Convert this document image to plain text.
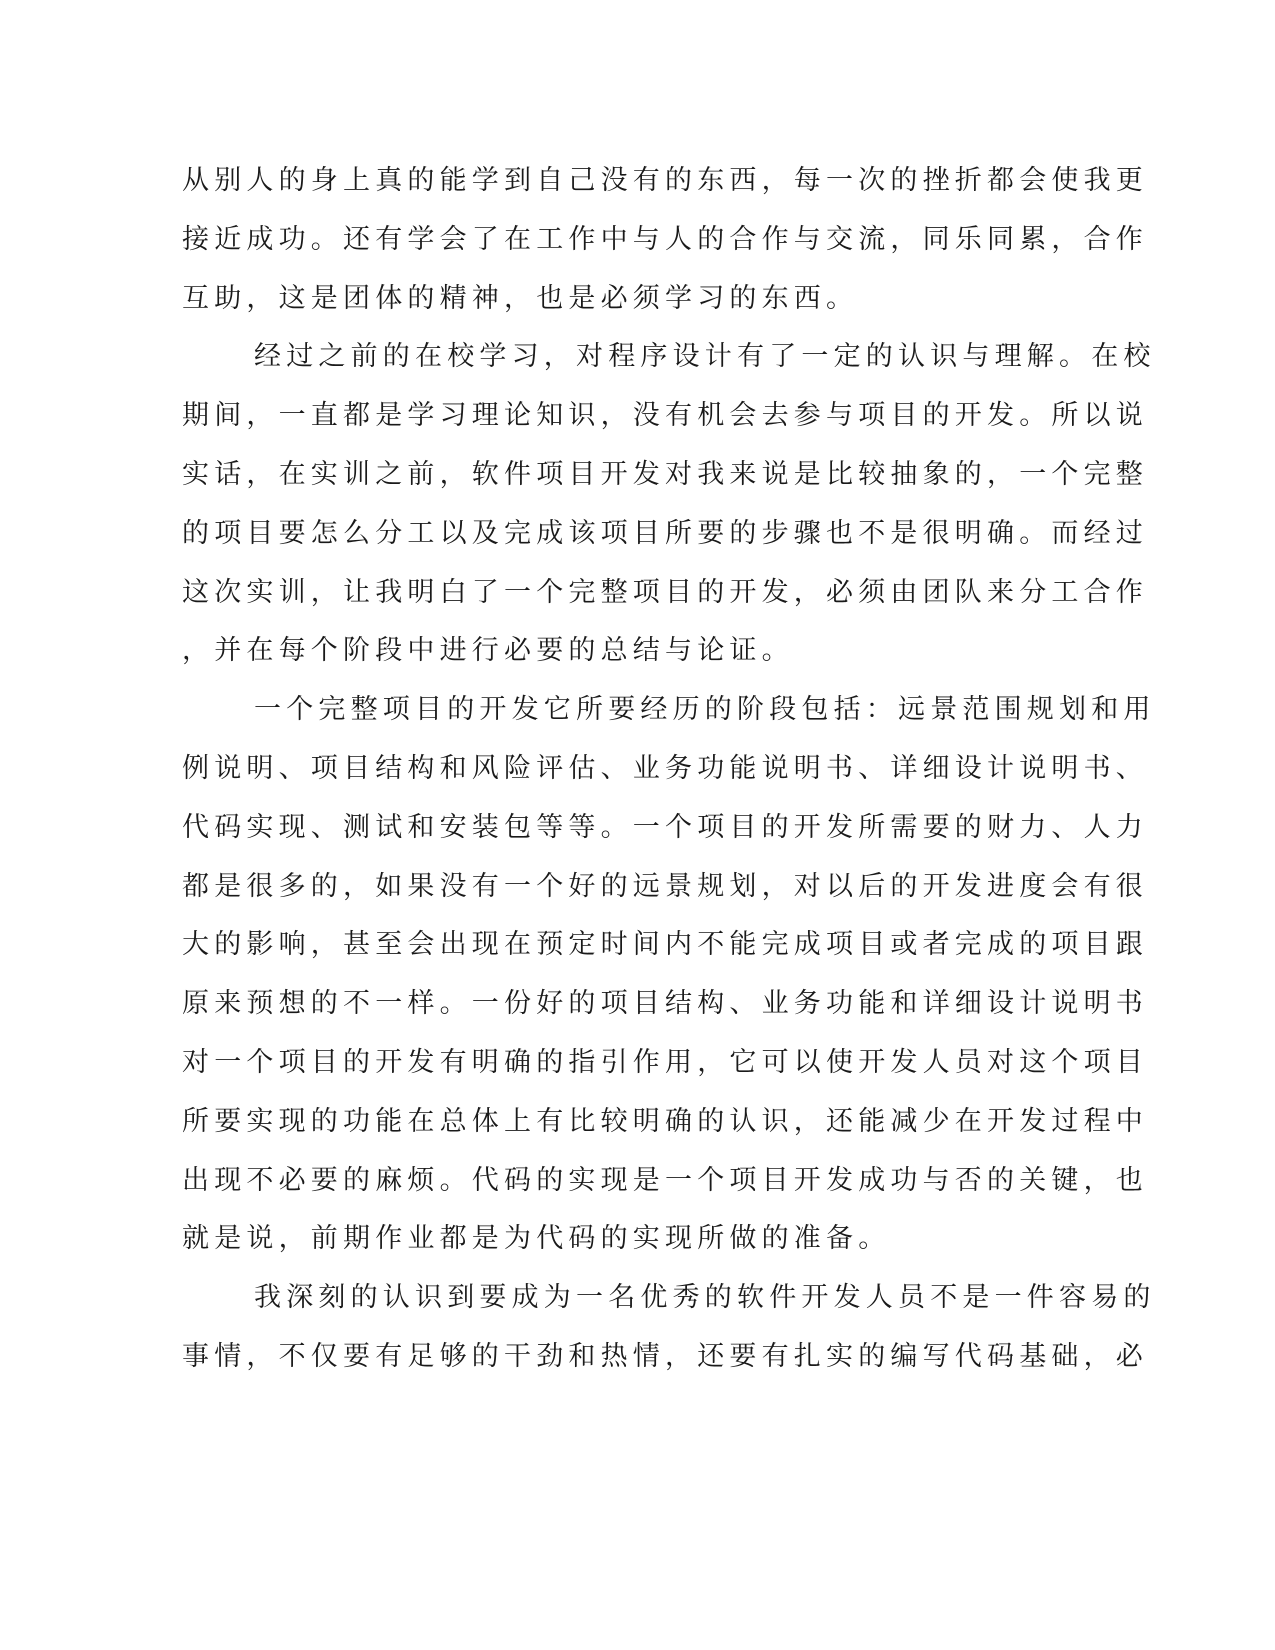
从别人的身上真的能学到自己没有的东西，每一次的挫折都会使我更
接近成功。还有学会了在工作中与人的合作与交流，同乐同累，合作
互助，这是团体的精神，也是必须学习的东西。
经过之前的在校学习，对程序设计有了一定的认识与理解。在校
期间，一直都是学习理论知识，没有机会去参与项目的开发。所以说
实话，在实训之前，软件项目开发对我来说是比较抽象的，一个完整
的项目要怎么分工以及完成该项目所要的步骤也不是很明确。而经过
这次实训，让我明白了一个完整项目的开发，必须由团队来分工合作
，并在每个阶段中进行必要的总结与论证。
一个完整项目的开发它所要经历的阶段包括：远景范围规划和用
例说明、项目结构和风险评估、业务功能说明书、详细设计说明书、
代码实现、测试和安装包等等。一个项目的开发所需要的财力、人力
都是很多的，如果没有一个好的远景规划，对以后的开发进度会有很
大的影响，甚至会出现在预定时间内不能完成项目或者完成的项目跟
原来预想的不一样。一份好的项目结构、业务功能和详细设计说明书
对一个项目的开发有明确的指引作用，它可以使开发人员对这个项目
所要实现的功能在总体上有比较明确的认识，还能减少在开发过程中
出现不必要的麻烦。代码的实现是一个项目开发成功与否的关键，也
就是说，前期作业都是为代码的实现所做的准备。
我深刻的认识到要成为一名优秀的软件开发人员不是一件容易的
事情，不仅要有足够的干劲和热情，还要有扎实的编写代码基础，必
